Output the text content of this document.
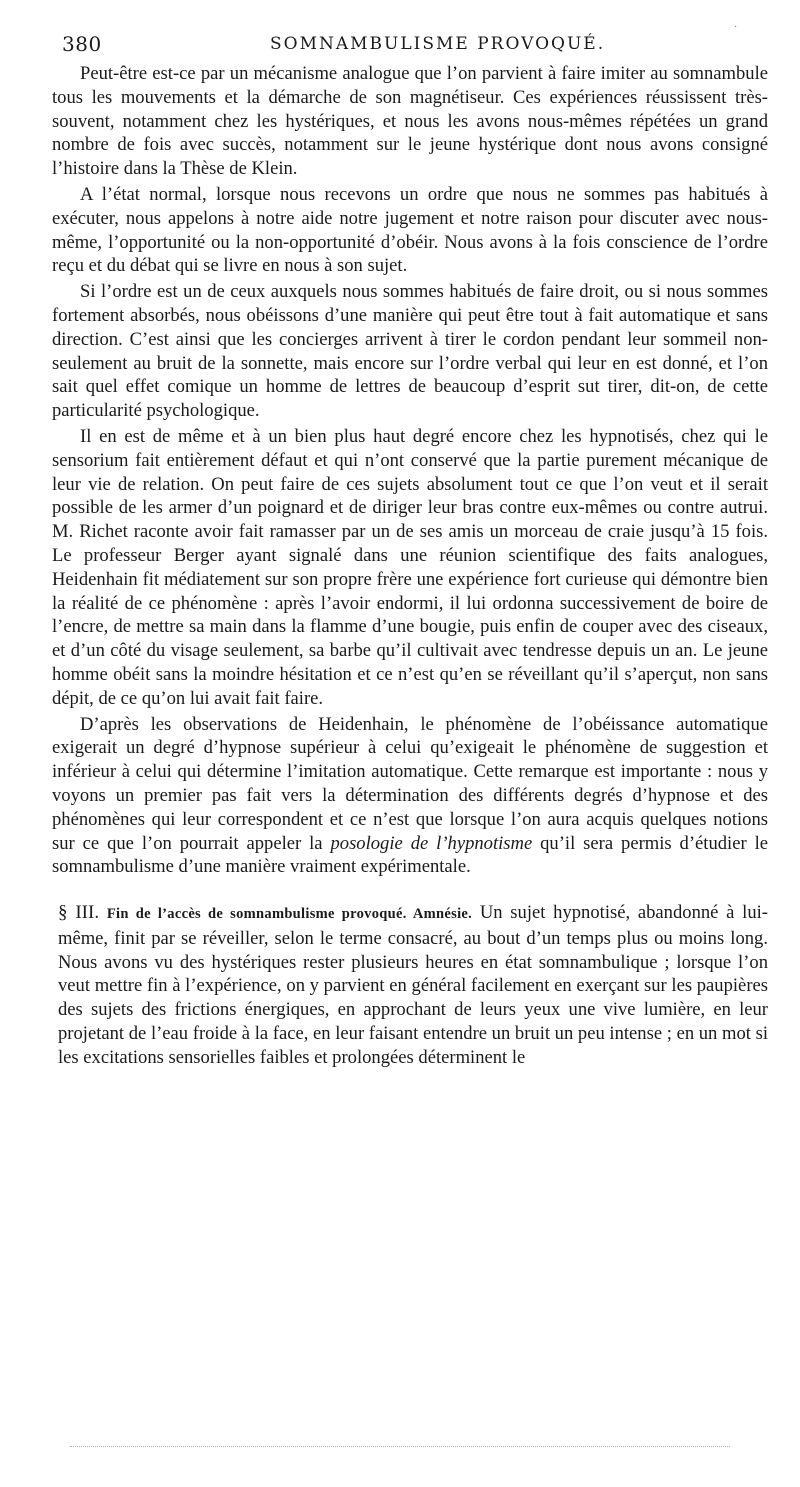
·
380	SOMNAMBULISME PROVOQUÉ.

Peut-être est-ce par un mécanisme analogue que l’on parvient à faire imiter au somnambule tous les mouvements et la démarche de son magnétiseur. Ces expériences réussissent très-souvent, notamment chez les hystériques, et nous les avons nous-mêmes répétées un grand nombre de fois avec succès, notamment sur le jeune hystérique dont nous avons consigné l’histoire dans la Thèse de Klein.

A l’état normal, lorsque nous recevons un ordre que nous ne sommes pas habitués à exécuter, nous appelons à notre aide notre jugement et notre raison pour discuter avec nous-même, l’opportunité ou la non-opportunité d’obéir. Nous avons à la fois conscience de l’ordre reçu et du débat qui se livre en nous à son sujet.

Si l’ordre est un de ceux auxquels nous sommes habitués de faire droit, ou si nous sommes fortement absorbés, nous obéissons d’une manière qui peut être tout à fait automatique et sans direction. C’est ainsi que les concierges arrivent à tirer le cordon pendant leur sommeil non-seulement au bruit de la sonnette, mais encore sur l’ordre verbal qui leur en est donné, et l’on sait quel effet comique un homme de lettres de beaucoup d’esprit sut tirer, dit-on, de cette particularité psychologique.

Il en est de même et à un bien plus haut degré encore chez les hypnotisés, chez qui le sensorium fait entièrement défaut et qui n’ont conservé que la partie purement mécanique de leur vie de relation. On peut faire de ces sujets absolument tout ce que l’on veut et il serait possible de les armer d’un poignard et de diriger leur bras contre eux-mêmes ou contre autrui. M. Richet raconte avoir fait ramasser par un de ses amis un morceau de craie jusqu’à 15 fois. Le professeur Berger ayant signalé dans une réunion scientifique des faits analogues, Heidenhain fit médiatement sur son propre frère une expérience fort curieuse qui démontre bien la réalité de ce phénomène : après l’avoir endormi, il lui ordonna successivement de boire de l’encre, de mettre sa main dans la flamme d’une bougie, puis enfin de couper avec des ciseaux, et d’un côté du visage seulement, sa barbe qu’il cultivait avec tendresse depuis un an. Le jeune homme obéit sans la moindre hésitation et ce n’est qu’en se réveillant qu’il s’aperçut, non sans dépit, de ce qu’on lui avait fait faire.

D’après les observations de Heidenhain, le phénomène de l’obéissance automatique exigerait un degré d’hypnose supérieur à celui qu’exigeait le phénomène de suggestion et inférieur à celui qui détermine l’imitation automatique. Cette remarque est importante : nous y voyons un premier pas fait vers la détermination des différents degrés d’hypnose et des phénomènes qui leur correspondent et ce n’est que lorsque l’on aura acquis quelques notions sur ce que l’on pourrait appeler la posologie de l’hypnotisme qu’il sera permis d’étudier le somnambulisme d’une manière vraiment expérimentale.

§ III. Fin de l’accès de somnambulisme provoqué. Amnésie. Un sujet hypnotisé, abandonné à lui-même, finit par se réveiller, selon le terme consacré, au bout d’un temps plus ou moins long. Nous avons vu des hystériques rester plusieurs heures en état somnambulique ; lorsque l’on veut mettre fin à l’expérience, on y parvient en général facilement en exerçant sur les paupières des sujets des frictions énergiques, en approchant de leurs yeux une vive lumière, en leur projetant de l’eau froide à la face, en leur faisant entendre un bruit un peu intense ; en un mot si les excitations sensorielles faibles et prolongées déterminent le
